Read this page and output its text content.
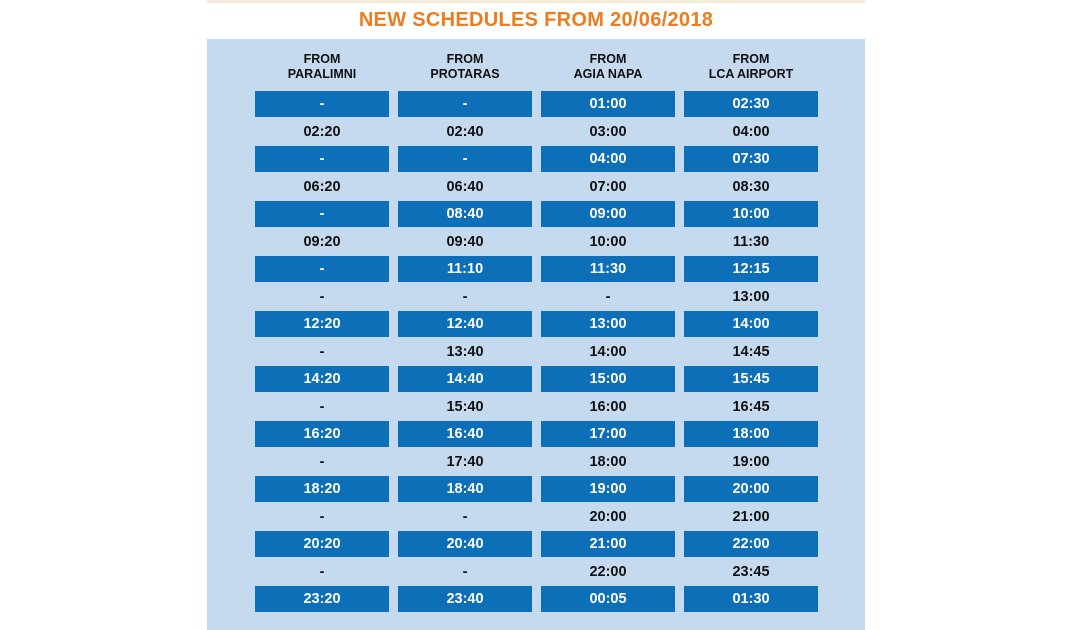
NEW SCHEDULES FROM 20/06/2018
FROM
PARALIMNI
FROM
PROTARAS
FROM
AGIA NAPA
FROM
LCA AIRPORT
-
02:20
-
06:20
-
09:20
-
-
12:20
-
14:20
-
16:20
-
18:20
-
20:20
-
23:20
-
02:40
-
06:40
08:40
09:40
11:10
-
12:40
13:40
14:40
15:40
16:40
17:40
18:40
-
20:40
-
23:40
01:00
03:00
04:00
07:00
09:00
10:00
11:30
-
13:00
14:00
15:00
16:00
17:00
18:00
19:00
20:00
21:00
22:00
00:05
02:30
04:00
07:30
08:30
10:00
11:30
12:15
13:00
14:00
14:45
15:45
16:45
18:00
19:00
20:00
21:00
22:00
23:45
01:30
